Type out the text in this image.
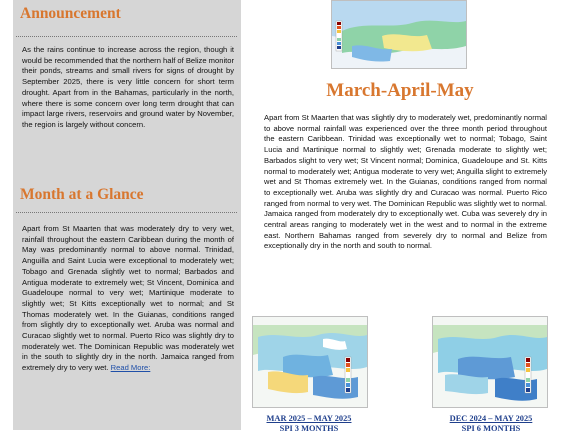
Announcement
As the rains continue to increase across the region, though it would be recommended that the northern half of Belize monitor their ponds, streams and small rivers for signs of drought by September 2025, there is very little concern for short term drought. Apart from in the Bahamas, particularly in the north, where there is some concern over long term drought that can impact large rivers, reservoirs and ground water by November, the region is largely without concern.
Month at a Glance
Apart from St Maarten that was moderately dry to very wet, rainfall throughout the eastern Caribbean during the month of May was predominantly normal to above normal. Trinidad, Anguilla and Saint Lucia were exceptional to moderately wet; Tobago and Grenada slightly wet to normal; Barbados and Antigua moderate to extremely wet; St Vincent, Dominica and Guadeloupe normal to very wet; Martinique moderate to slightly wet; St Kitts exceptionally wet to normal; and St Thomas moderately wet. In the Guianas, conditions ranged from slightly dry to exceptionally wet. Aruba was normal and Curacao slightly wet to normal. Puerto Rico was slightly dry to moderately wet. The Dominican Republic was moderately wet in the south to slightly dry in the north. Jamaica ranged from extremely dry to very wet. Read More:
March-April-May
Apart from St Maarten that was slightly dry to moderately wet, predominantly normal to above normal rainfall was experienced over the three month period throughout the eastern Caribbean. Trinidad was exceptionally wet to normal; Tobago, Saint Lucia and Martinique normal to slightly wet; Grenada moderate to slightly wet; Barbados slight to very wet; St Vincent normal; Dominica, Guadeloupe and St. Kitts normal to moderately wet; Antigua moderate to very wet; Anguilla slight to extremely wet and St Thomas extremely wet. In the Guianas, conditions ranged from normal to exceptionally wet. Aruba was slightly dry and Curacao was normal. Puerto Rico ranged from normal to very wet. The Dominican Republic was slightly wet to normal. Jamaica ranged from moderately dry to exceptionally wet. Cuba was severely dry in central areas ranging to moderately wet in the west and to normal in the extreme east. Northern Bahamas ranged from severely dry to normal and Belize from exceptionally dry in the north and south to normal.
MAR 2025 – MAY 2025
SPI 3 MONTHS
DEC 2024 – MAY 2025
SPI 6 MONTHS
